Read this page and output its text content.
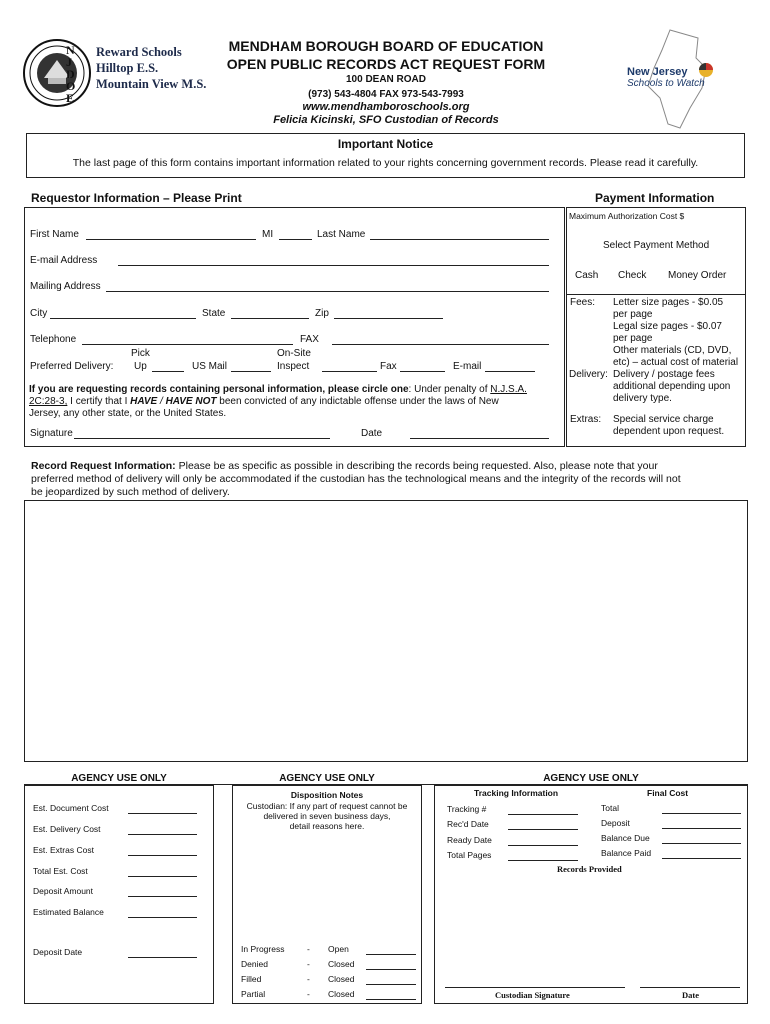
NJDOE
Reward Schools
Hilltop E.S.
Mountain View M.S.
MENDHAM BOROUGH BOARD OF EDUCATION
OPEN PUBLIC RECORDS ACT REQUEST FORM
100 DEAN ROAD
(973) 543-4804 FAX 973-543-7993
www.mendhamboroschools.org
Felicia Kicinski, SFO Custodian of Records
New Jersey
Schools to Watch
Important Notice
The last page of this form contains important information related to your rights concerning government records. Please read it carefully.
Requestor Information – Please Print
First Name	MI	Last Name
E-mail Address
Mailing Address
City	State	Zip
Telephone	FAX
Pick	On-Site
Preferred Delivery: Up	US Mail	Inspect	Fax	E-mail
If you are requesting records containing personal information, please circle one: Under penalty of N.J.S.A.
2C:28-3, I certify that I HAVE / HAVE NOT been convicted of any indictable offense under the laws of New
Jersey, any other state, or the United States.
Signature	Date
Payment Information
Maximum Authorization Cost $
Select Payment Method
Cash Check Money Order
Fees: Letter size pages - $0.05
per page
Legal size pages - $0.07
per page
Other materials (CD, DVD,
etc) – actual cost of material
Delivery: Delivery / postage fees
additional depending upon
delivery type.
Extras: Special service charge
dependent upon request.
Record Request Information: Please be as specific as possible in describing the records being requested. Also, please note that your
preferred method of delivery will only be accommodated if the custodian has the technological means and the integrity of the records will not
be jeopardized by such method of delivery.
AGENCY USE ONLY
Est. Document Cost
Est. Delivery Cost
Est. Extras Cost
Total Est. Cost
Deposit Amount
Estimated Balance
Deposit Date
AGENCY USE ONLY
Disposition Notes
Custodian: If any part of request cannot be
delivered in seven business days,
detail reasons here.
In Progress	- Open
Denied	- Closed
Filled	- Closed
Partial	- Closed
AGENCY USE ONLY
Tracking Information	Final Cost
Tracking #
Rec'd Date
Ready Date
Total Pages
Total
Deposit
Balance Due
Balance Paid
Records Provided
Custodian Signature	Date
